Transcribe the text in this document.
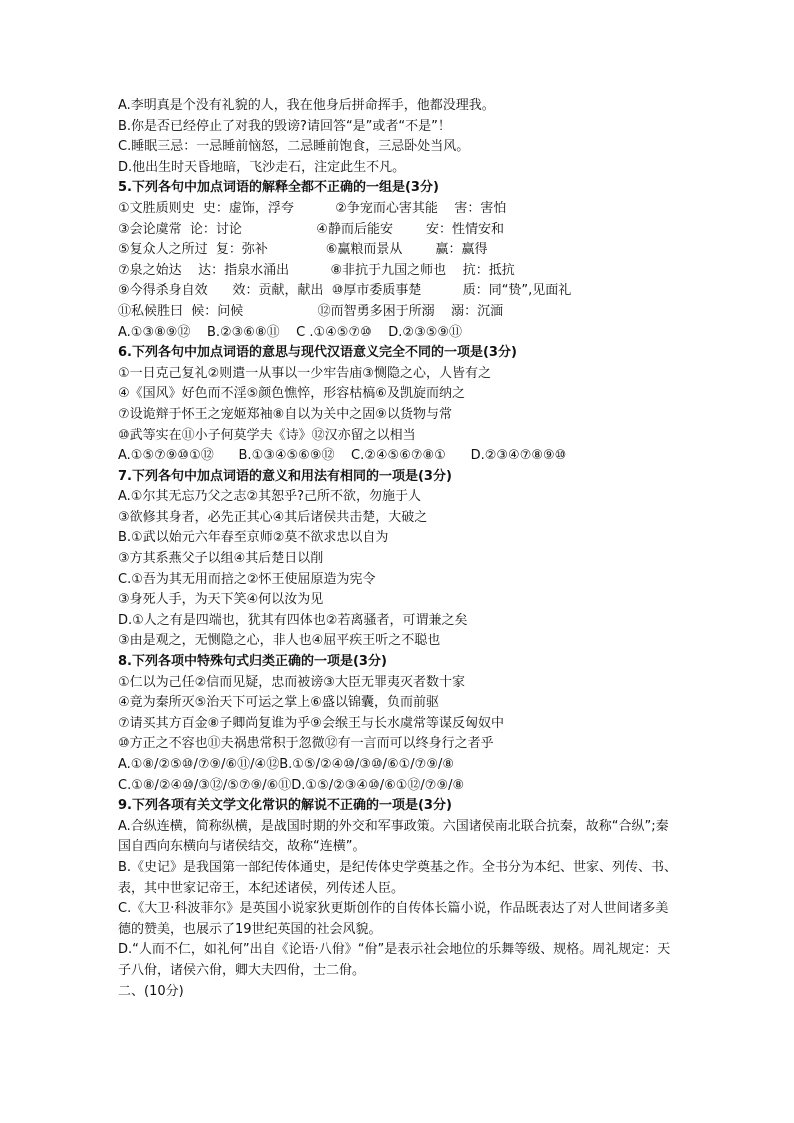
A.李明真是个没有礼貌的人，我在他身后拼命挥手，他都没理我。
B.你是否已经停止了对我的毁谤?请回答“是”或者“不是”！
C.睡眠三忌：一忌睡前恼怒，二忌睡前饱食，三忌卧处当风。
D.他出生时天昏地暗，飞沙走石，注定此生不凡。
5.下列各句中加点词语的解释全都不正确的一组是(3分)
①文胜质则史  史：虚饰，浮夸          ②争宠而心害其能    害：害怕
③会论虞常  论：讨论                  ④静而后能安        安：性情安和
⑤复众人之所过  复：弥补              ⑥赢粮而景从        赢：赢得
⑦泉之始达    达：指泉水涌出          ⑧非抗于九国之师也    抗：抵抗
⑨今得杀身自效      效：贡献，献出  ⑩厚市委质事楚          质：同“贽”,见面礼
⑪私候胜曰  候：问候                  ⑫而智勇多困于所溺    溺：沉湎
A.①③⑧⑨⑫    B.②③⑥⑧⑪    C .①④⑤⑦⑩    D.②③⑤⑨⑪
6.下列各句中加点词语的意思与现代汉语意义完全不同的一项是(3分)
①一日克己复礼②则遣一从事以一少牢告庙③恻隐之心，人皆有之
④《国风》好色而不淫⑤颜色憔悴，形容枯槁⑥及凯旋而纳之
⑦设诡辩于怀王之宠姬郑袖⑧自以为关中之固⑨以货物与常
⑩武等实在⑪小子何莫学夫《诗》⑫汉亦留之以相当
A.①⑤⑦⑨⑩①⑫      B.①③④⑤⑥⑨⑫    C.②④⑤⑥⑦⑧①      D.②③④⑦⑧⑨⑩
7.下列各句中加点词语的意义和用法有相同的一项是(3分)
A.①尔其无忘乃父之志②其恕乎?己所不欲，勿施于人
③欲修其身者，必先正其心④其后诸侯共击楚，大破之
B.①武以始元六年春至京师②莫不欲求忠以自为
③方其系燕父子以组④其后楚日以削
C.①吾为其无用而掊之②怀王使屈原造为宪令
③身死人手，为天下笑④何以汝为见
D.①人之有是四端也，犹其有四体也②若离骚者，可谓兼之矣
③由是观之，无恻隐之心，非人也④屈平疾王听之不聪也
8.下列各项中特殊句式归类正确的一项是(3分)
①仁以为己任②信而见疑，忠而被谤③大臣无罪夷灭者数十家
④竟为秦所灭⑤治天下可运之掌上⑥盛以锦囊，负而前驱
⑦请买其方百金⑧子卿尚复谁为乎⑨会缑王与长水虞常等谋反匈奴中
⑩方正之不容也⑪夫祸患常积于忽微⑫有一言而可以终身行之者乎
A.①⑧/②⑤⑩/⑦⑨/⑥⑪/④⑫B.①⑤/②④⑩/③⑩/⑥①/⑦⑨/⑧
C.①⑧/②④⑩/③⑫/⑤⑦⑨/⑥⑪D.①⑤/②③④⑩/⑥①⑫/⑦⑨/⑧
9.下列各项有关文学文化常识的解说不正确的一项是(3分)
A.合纵连横，简称纵横，是战国时期的外交和军事政策。六国诸侯南北联合抗秦，故称“合纵”;秦国自西向东横向与诸侯结交，故称“连横”。
B.《史记》是我国第一部纪传体通史，是纪传体史学奠基之作。全书分为本纪、世家、列传、书、表，其中世家记帝王，本纪述诸侯，列传述人臣。
C.《大卫·科波菲尔》是英国小说家狄更斯创作的自传体长篇小说，作品既表达了对人世间诸多美德的赞美，也展示了19世纪英国的社会风貌。
D.“人而不仁，如礼何”出自《论语·八佾》“佾”是表示社会地位的乐舞等级、规格。周礼规定：天子八佾，诸侯六佾，卿大夫四佾，士二佾。
二、(10分)
